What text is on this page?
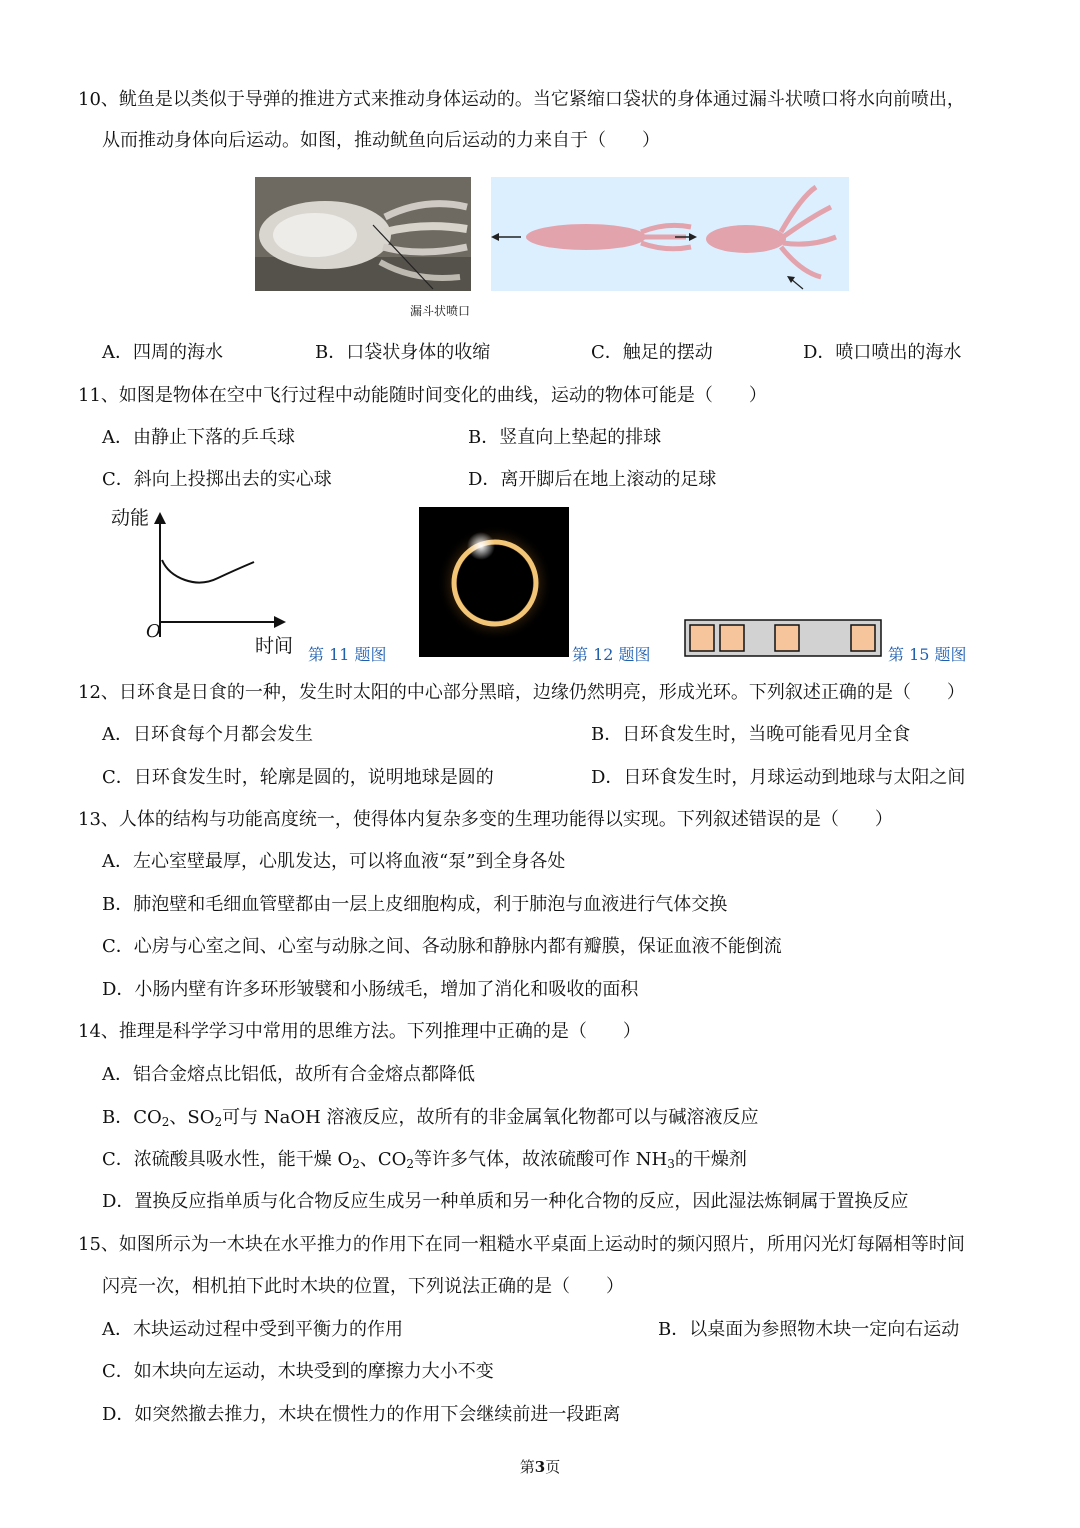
10、鱿鱼是以类似于导弹的推进方式来推动身体运动的。当它紧缩口袋状的身体通过漏斗状喷口将水向前喷出，
从而推动身体向后运动。如图，推动鱿鱼向后运动的力来自于（　　）
漏斗状喷口
A．四周的海水	B．口袋状身体的收缩	C．触足的摆动	D．喷口喷出的海水
11、如图是物体在空中飞行过程中动能随时间变化的曲线，运动的物体可能是（　　）
A．由静止下落的乒乓球	B．竖直向上垫起的排球
C．斜向上投掷出去的实心球	D．离开脚后在地上滚动的足球
动能
O
时间 第 11 题图	第 12 题图	第 15 题图
12、日环食是日食的一种，发生时太阳的中心部分黑暗，边缘仍然明亮，形成光环。下列叙述正确的是（　　）
A．日环食每个月都会发生	B．日环食发生时，当晚可能看见月全食
C．日环食发生时，轮廓是圆的，说明地球是圆的	D．日环食发生时，月球运动到地球与太阳之间
13、人体的结构与功能高度统一，使得体内复杂多变的生理功能得以实现。下列叙述错误的是（　　）
A．左心室壁最厚，心肌发达，可以将血液“泵”到全身各处
B．肺泡壁和毛细血管壁都由一层上皮细胞构成，利于肺泡与血液进行气体交换
C．心房与心室之间、心室与动脉之间、各动脉和静脉内都有瓣膜，保证血液不能倒流
D．小肠内壁有许多环形皱襞和小肠绒毛，增加了消化和吸收的面积
14、推理是科学学习中常用的思维方法。下列推理中正确的是（　　）
A．铝合金熔点比铝低，故所有合金熔点都降低
B．$CO_2$、$SO_2$可与 NaOH 溶液反应，故所有的非金属氧化物都可以与碱溶液反应
C．浓硫酸具吸水性，能干燥 $O_2$、$CO_2$等许多气体，故浓硫酸可作 $NH_3$的干燥剂
D．置换反应指单质与化合物反应生成另一种单质和另一种化合物的反应，因此湿法炼铜属于置换反应
15、如图所示为一木块在水平推力的作用下在同一粗糙水平桌面上运动时的频闪照片，所用闪光灯每隔相等时间
闪亮一次，相机拍下此时木块的位置，下列说法正确的是（　　）
A．木块运动过程中受到平衡力的作用	B．以桌面为参照物木块一定向右运动
C．如木块向左运动，木块受到的摩擦力大小不变
D．如突然撤去推力，木块在惯性力的作用下会继续前进一段距离
第3页
